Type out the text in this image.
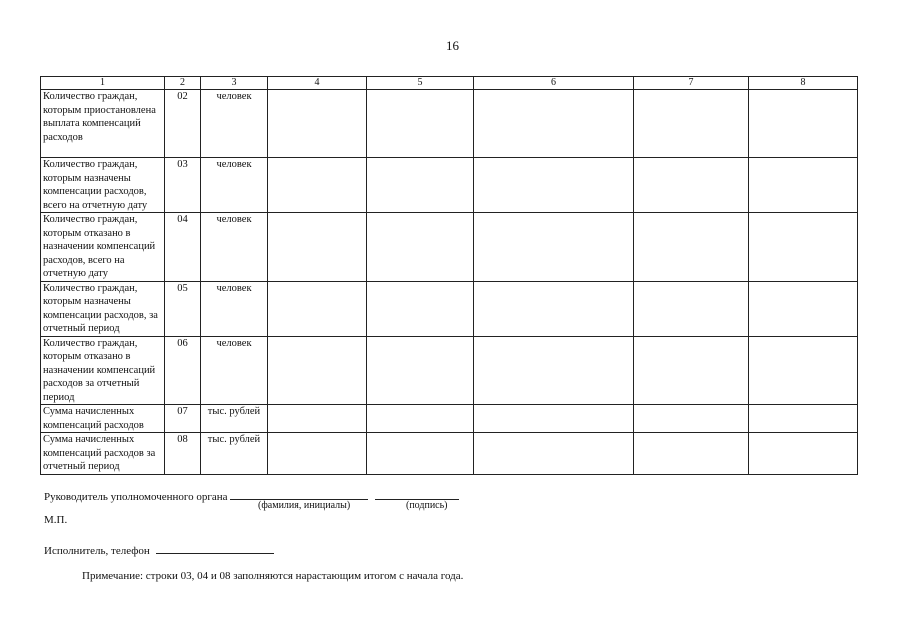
16
1	2	3	4	5	6	7	8
Количество граждан, которым приостановлена выплата компенсаций расходов	02	человек					
Количество граждан, которым назначены компенсации расходов, всего на отчетную дату	03	человек					
Количество граждан, которым отказано в назначении компенсаций расходов, всего на отчетную дату	04	человек					
Количество граждан, которым назначены компенсации расходов, за отчетный период	05	человек					
Количество граждан, которым отказано в назначении компенсаций расходов за отчетный период	06	человек					
Сумма начисленных компенсаций расходов	07	тыс. рублей					
Сумма начисленных компенсаций расходов за отчетный период	08	тыс. рублей					
Руководитель уполномоченного органа
(фамилия, инициалы)	(подпись)
М.П.
Исполнитель, телефон
Примечание: строки 03, 04 и 08 заполняются нарастающим итогом с начала года.
